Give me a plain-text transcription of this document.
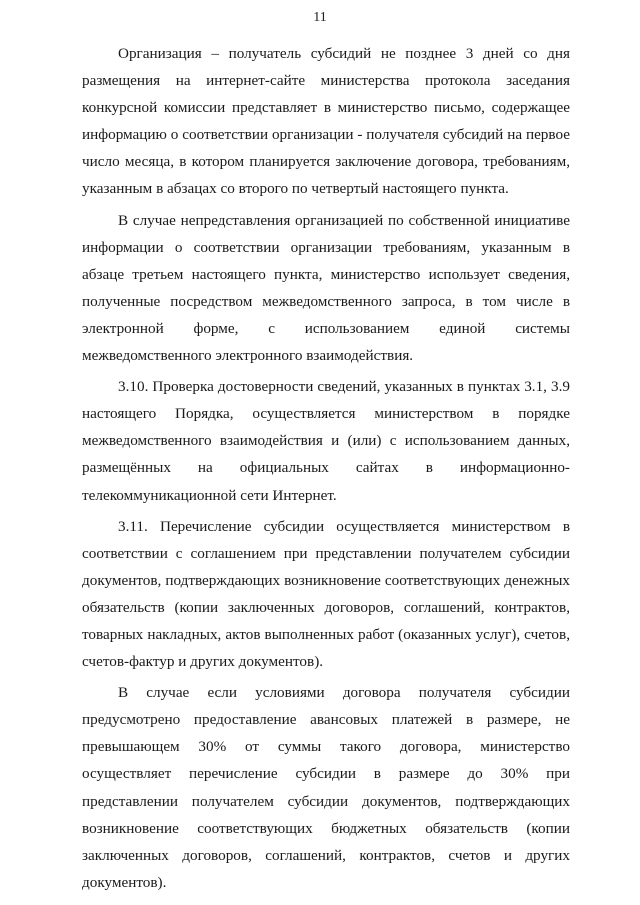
11

Организация – получатель субсидий не позднее 3 дней со дня размещения на интернет-сайте министерства протокола заседания конкурсной комиссии представляет в министерство письмо, содержащее информацию о соответствии организации - получателя субсидий на первое число месяца, в котором планируется заключение договора, требованиям, указанным в абзацах со второго по четвертый настоящего пункта.

В случае непредставления организацией по собственной инициативе информации о соответствии организации требованиям, указанным в абзаце третьем настоящего пункта, министерство использует сведения, полученные посредством межведомственного запроса, в том числе в электронной форме, с использованием единой системы межведомственного электронного взаимодействия.

3.10. Проверка достоверности сведений, указанных в пунктах 3.1, 3.9 настоящего Порядка, осуществляется министерством в порядке межведомственного взаимодействия и (или) с использованием данных, размещённых на официальных сайтах в информационно-телекоммуникационной сети Интернет.

3.11. Перечисление субсидии осуществляется министерством в соответствии с соглашением при представлении получателем субсидии документов, подтверждающих возникновение соответствующих денежных обязательств (копии заключенных договоров, соглашений, контрактов, товарных накладных, актов выполненных работ (оказанных услуг), счетов, счетов-фактур и других документов).

В случае если условиями договора получателя субсидии предусмотрено предоставление авансовых платежей в размере, не превышающем 30% от суммы такого договора, министерство осуществляет перечисление субсидии в размере до 30% при представлении получателем субсидии документов, подтверждающих возникновение соответствующих бюджетных обязательств (копии заключенных договоров, соглашений, контрактов, счетов и других документов).
